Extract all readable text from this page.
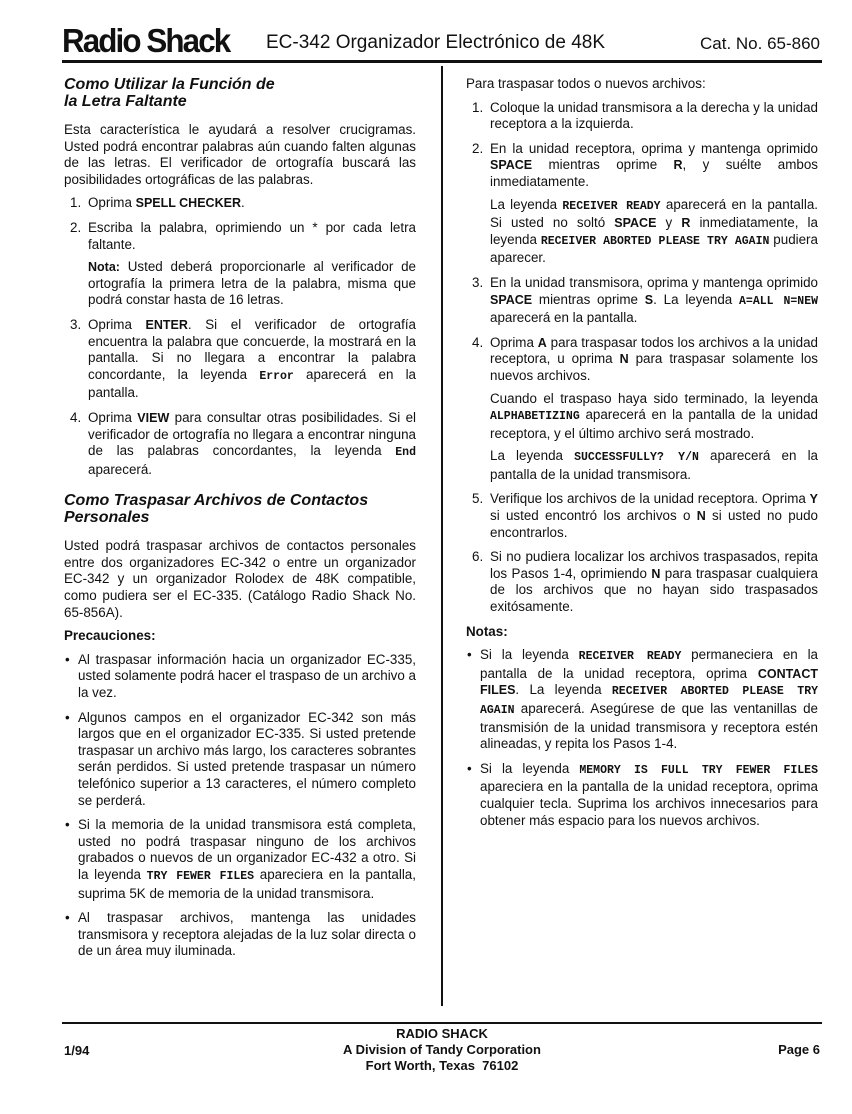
Radio Shack EC-342 Organizador Electrónico de 48K	Cat. No. 65-860
Como Utilizar la Función de
la Letra Faltante

Esta característica le ayudará a resolver crucigramas. Usted podrá encontrar palabras aún cuando falten algunas de las letras. El verificador de ortografía buscará las posibilidades ortográficas de las palabras.

1. Oprima SPELL CHECKER.
2. Escriba la palabra, oprimiendo un * por cada letra faltante.

Nota: Usted deberá proporcionarle al verificador de ortografía la primera letra de la palabra, misma que podrá constar hasta de 16 letras.

3. Oprima ENTER. Si el verificador de ortografía encuentra la palabra que concuerde, la mostrará en la pantalla. Si no llegara a encontrar la palabra concordante, la leyenda Error aparecerá en la pantalla.
4. Oprima VIEW para consultar otras posibilidades. Si el verificador de ortografía no llegara a encontrar ninguna de las palabras concordantes, la leyenda End aparecerá.
Como Traspasar Archivos de Contactos
Personales

Usted podrá traspasar archivos de contactos personales entre dos organizadores EC-342 o entre un organizador EC-342 y un organizador Rolodex de 48K compatible, como pudiera ser el EC-335. (Catálogo Radio Shack No. 65-856A).

Precauciones:
• Al traspasar información hacia un organizador EC-335, usted solamente podrá hacer el traspaso de un archivo a la vez.
• Algunos campos en el organizador EC-342 son más largos que en el organizador EC-335. Si usted pretende traspasar un archivo más largo, los caracteres sobrantes serán perdidos. Si usted pretende traspasar un número telefónico superior a 13 caracteres, el número completo se perderá.
• Si la memoria de la unidad transmisora está completa, usted no podrá traspasar ninguno de los archivos grabados o nuevos de un organizador EC-432 a otro. Si la leyenda TRY FEWER FILES apareciera en la pantalla, suprima 5K de memoria de la unidad transmisora.
• Al traspasar archivos, mantenga las unidades transmisora y receptora alejadas de la luz solar directa o de un área muy iluminada.

Para traspasar todos o nuevos archivos:

1. Coloque la unidad transmisora a la derecha y la unidad receptora a la izquierda.
2. En la unidad receptora, oprima y mantenga oprimido SPACE mientras oprime R, y suélte ambos inmediatamente.

La leyenda RECEIVER READY aparecerá en la pantalla. Si usted no soltó SPACE y R inmediatamente, la leyenda RECEIVER ABORTED PLEASE TRY AGAIN pudiera aparecer.

3. En la unidad transmisora, oprima y mantenga oprimido SPACE mientras oprime S. La leyenda A=ALL N=NEW aparecerá en la pantalla.
4. Oprima A para traspasar todos los archivos a la unidad receptora, u oprima N para traspasar solamente los nuevos archivos.

Cuando el traspaso haya sido terminado, la leyenda ALPHABETIZING aparecerá en la pantalla de la unidad receptora, y el último archivo será mostrado.

La leyenda SUCCESSFULLY? Y/N aparecerá en la pantalla de la unidad transmisora.

5. Verifique los archivos de la unidad receptora. Oprima Y si usted encontró los archivos o N si usted no pudo encontrarlos.
6. Si no pudiera localizar los archivos traspasados, repita los Pasos 1-4, oprimiendo N para traspasar cualquiera de los archivos que no hayan sido traspasados exitósamente.
Notas:
• Si la leyenda RECEIVER READY permaneciera en la pantalla de la unidad receptora, oprima CONTACT FILES. La leyenda RECEIVER ABORTED PLEASE TRY AGAIN aparecerá. Asegúrese de que las ventanillas de transmisión de la unidad transmisora y receptora estén alineadas, y repita los Pasos 1-4.
• Si la leyenda MEMORY IS FULL TRY FEWER FILES apareciera en la pantalla de la unidad receptora, oprima cualquier tecla. Suprima los archivos innecesarios para obtener más espacio para los nuevos archivos.
1/94
RADIO SHACK
A Division of Tandy Corporation
Fort Worth, Texas  76102
Page 6
